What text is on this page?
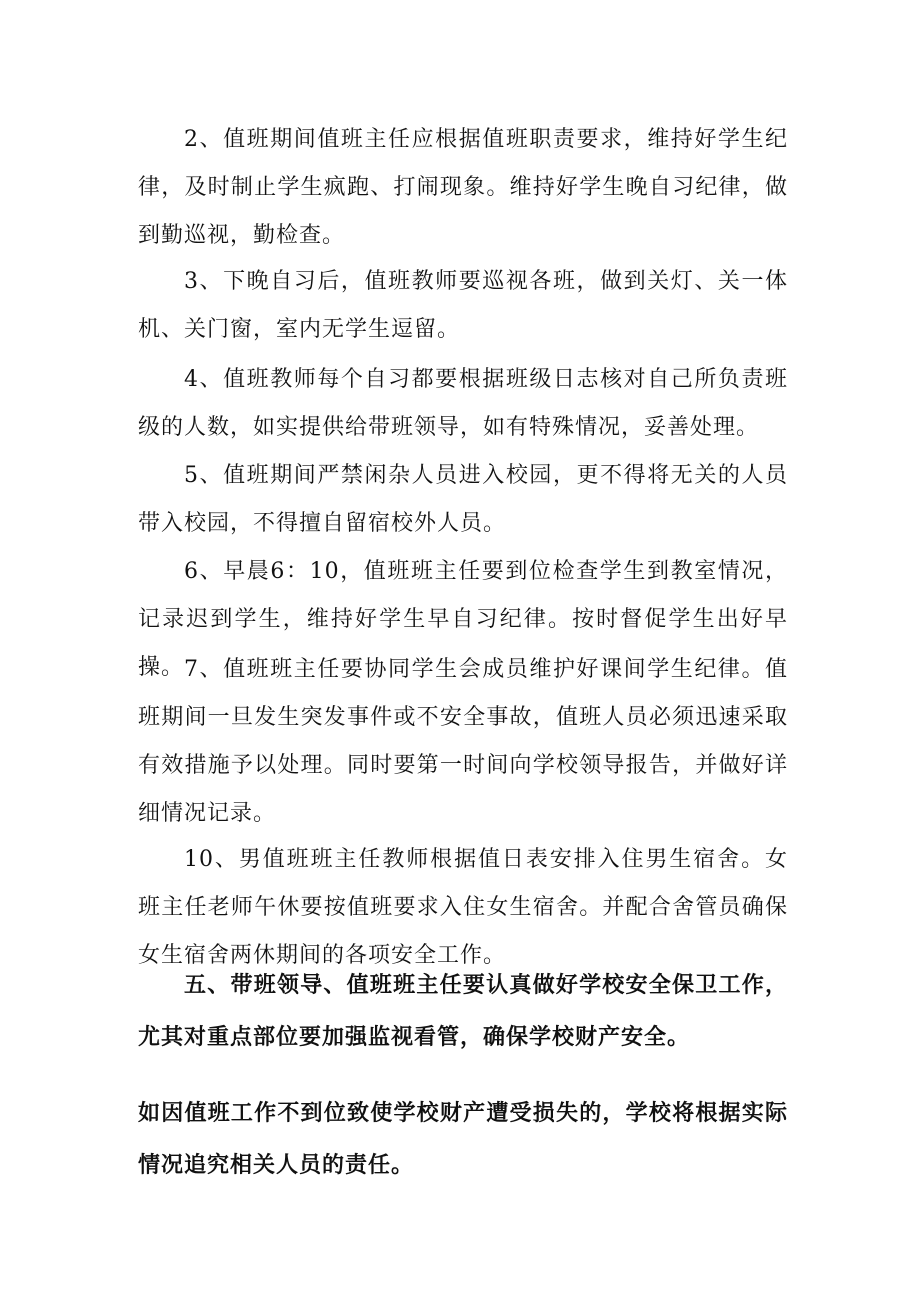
2、值班期间值班主任应根据值班职责要求，维持好学生纪律，及时制止学生疯跑、打闹现象。维持好学生晚自习纪律，做到勤巡视，勤检查。

3、下晚自习后，值班教师要巡视各班，做到关灯、关一体机、关门窗，室内无学生逗留。

4、值班教师每个自习都要根据班级日志核对自己所负责班级的人数，如实提供给带班领导，如有特殊情况，妥善处理。

5、值班期间严禁闲杂人员进入校园，更不得将无关的人员带入校园，不得擅自留宿校外人员。

6、早晨6：10，值班班主任要到位检查学生到教室情况，记录迟到学生，维持好学生早自习纪律。按时督促学生出好早操。 7、值班班主任要协同学生会成员维护好课间学生纪律。值班期间一旦发生突发事件或不安全事故，值班人员必须迅速采取有效措施予以处理。同时要第一时间向学校领导报告，并做好详细情况记录。

10、男值班班主任教师根据值日表安排入住男生宿舍。女班主任老师午休要按值班要求入住女生宿舍。并配合舍管员确保女生宿舍两休期间的各项安全工作。

五、带班领导、值班班主任要认真做好学校安全保卫工作，尤其对重点部位要加强监视看管，确保学校财产安全。

如因值班工作不到位致使学校财产遭受损失的，学校将根据实际情况追究相关人员的责任。
